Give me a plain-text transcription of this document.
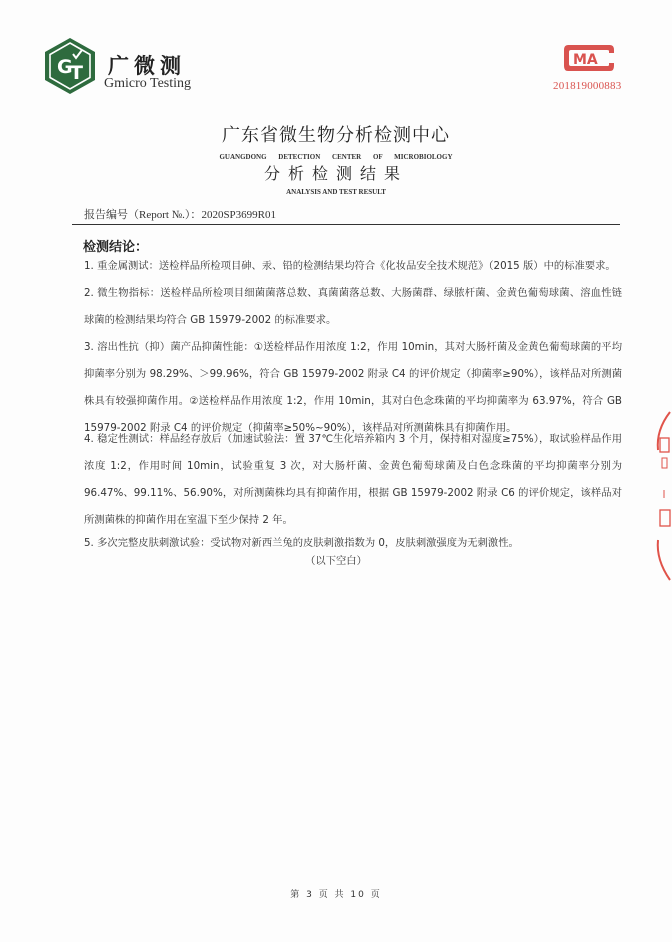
G
T 广微测
Gmicro Testing
MA
201819000883
广东省微生物分析检测中心
GUANGDONG DETECTION CENTER OF MICROBIOLOGY
分析检测结果
ANALYSIS AND TEST RESULT
报告编号（Report №.）：2020SP3699R01
检测结论：
1. 重金属测试：送检样品所检项目砷、汞、铅的检测结果均符合《化妆品安全技术规范》（2015 版）中的标准要求。
2. 微生物指标：送检样品所检项目细菌菌落总数、真菌菌落总数、大肠菌群、绿脓杆菌、金黄色葡萄球菌、溶血性链球菌的检测结果均符合 GB 15979-2002 的标准要求。
3. 溶出性抗（抑）菌产品抑菌性能：①送检样品作用浓度 1:2，作用 10min，其对大肠杆菌及金黄色葡萄球菌的平均抑菌率分别为 98.29%、＞99.96%，符合 GB 15979-2002 附录 C4 的评价规定（抑菌率≥90%），该样品对所测菌株具有较强抑菌作用。②送检样品作用浓度 1:2，作用 10min，其对白色念珠菌的平均抑菌率为 63.97%，符合 GB 15979-2002 附录 C4 的评价规定（抑菌率≥50%~90%），该样品对所测菌株具有抑菌作用。
4. 稳定性测试：样品经存放后（加速试验法：置 37℃生化培养箱内 3 个月，保持相对湿度≥75%），取试验样品作用浓度 1:2，作用时间 10min，试验重复 3 次，对大肠杆菌、金黄色葡萄球菌及白色念珠菌的平均抑菌率分别为 96.47%、99.11%、56.90%，对所测菌株均具有抑菌作用，根据 GB 15979-2002 附录 C6 的评价规定，该样品对所测菌株的抑菌作用在室温下至少保持 2 年。
5. 多次完整皮肤刺激试验：受试物对新西兰兔的皮肤刺激指数为 0，皮肤刺激强度为无刺激性。
（以下空白）
第 3 页 共 10 页
